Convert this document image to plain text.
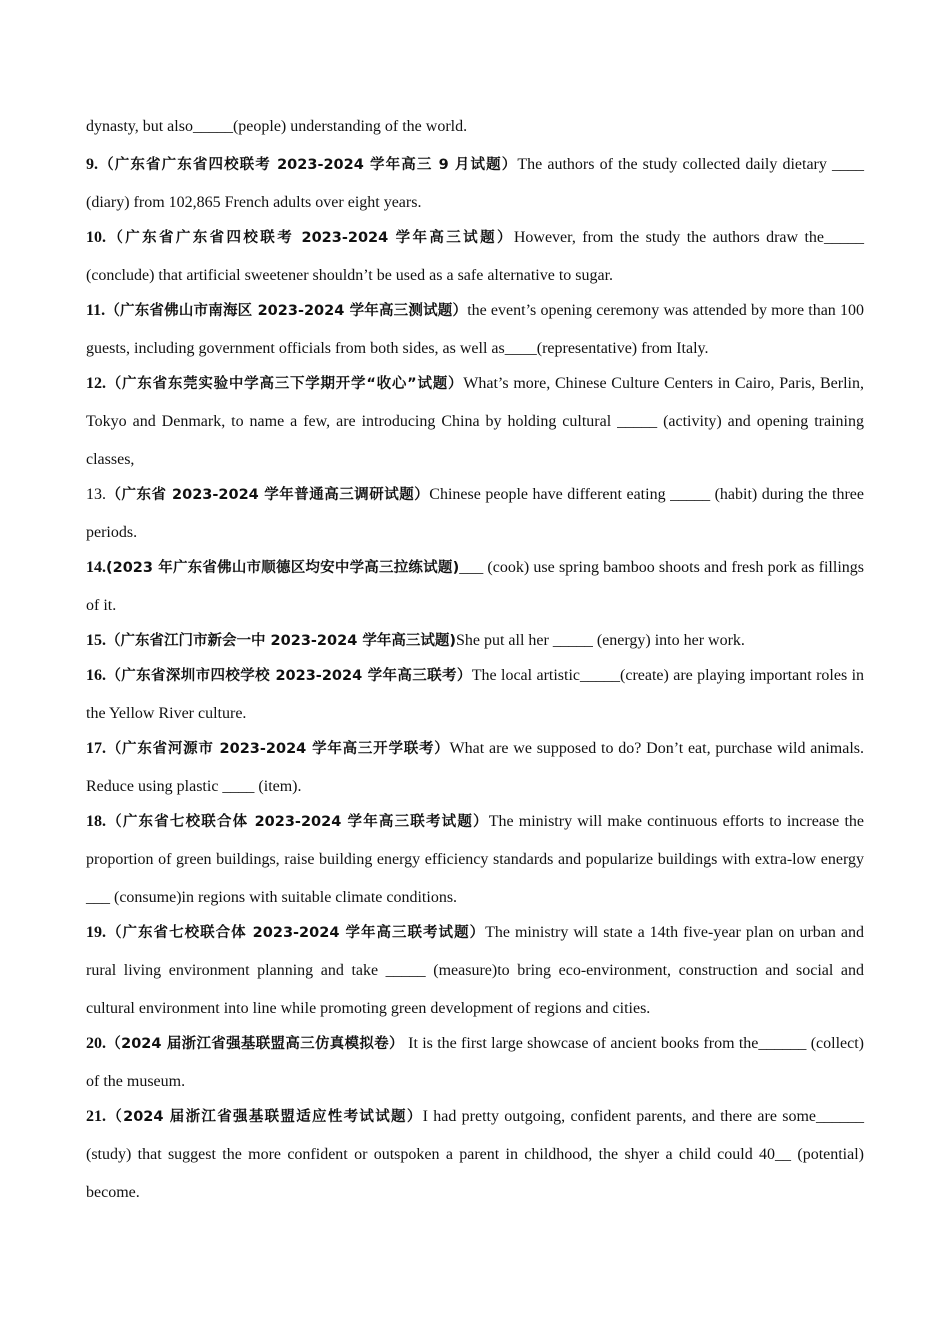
dynasty, but also_____(people) understanding of the world.
9.（广东省广东省四校联考 2023-2024 学年高三 9 月试题）The authors of the study collected daily dietary ____ (diary) from 102,865 French adults over eight years.
10.（广东省广东省四校联考 2023-2024 学年高三试题）However, from the study the authors draw the_____ (conclude) that artificial sweetener shouldn’t be used as a safe alternative to sugar.
11.（广东省佛山市南海区 2023-2024 学年高三测试题）the event’s opening ceremony was attended by more than 100 guests, including government officials from both sides, as well as____(representative) from Italy.
12.（广东省东莞实验中学高三下学期开学“收心”试题）What’s more, Chinese Culture Centers in Cairo, Paris, Berlin, Tokyo and Denmark, to name a few, are introducing China by holding cultural _____ (activity) and opening training classes,
13.（广东省 2023-2024 学年普通高三调研试题）Chinese people have different eating _____ (habit) during the three periods.
14.(2023 年广东省佛山市顺德区均安中学高三拉练试题)___ (cook) use spring bamboo shoots and fresh pork as fillings of it.
15.（广东省江门市新会一中 2023-2024 学年高三试题)She put all her _____ (energy) into her work.
16.（广东省深圳市四校学校 2023-2024 学年高三联考）The local artistic_____(create) are playing important roles in the Yellow River culture.
17.（广东省河源市 2023-2024 学年高三开学联考）What are we supposed to do? Don’t eat, purchase wild animals. Reduce using plastic ____ (item).
18.（广东省七校联合体 2023-2024 学年高三联考试题）The ministry will make continuous efforts to increase the proportion of green buildings, raise building energy efficiency standards and popularize buildings with extra-low energy ___ (consume)in regions with suitable climate conditions.
19.（广东省七校联合体 2023-2024 学年高三联考试题）The ministry will state a 14th five-year plan on urban and rural living environment planning and take _____ (measure)to bring eco-environment, construction and social and cultural environment into line while promoting green development of regions and cities.
20.（2024 届浙江省强基联盟高三仿真模拟卷） It is the first large showcase of ancient books from the______ (collect) of the museum.
21.（2024 届浙江省强基联盟适应性考试试题）I had pretty outgoing, confident parents, and there are some______ (study) that suggest the more confident or outspoken a parent in childhood, the shyer a child could 40__ (potential) become.
